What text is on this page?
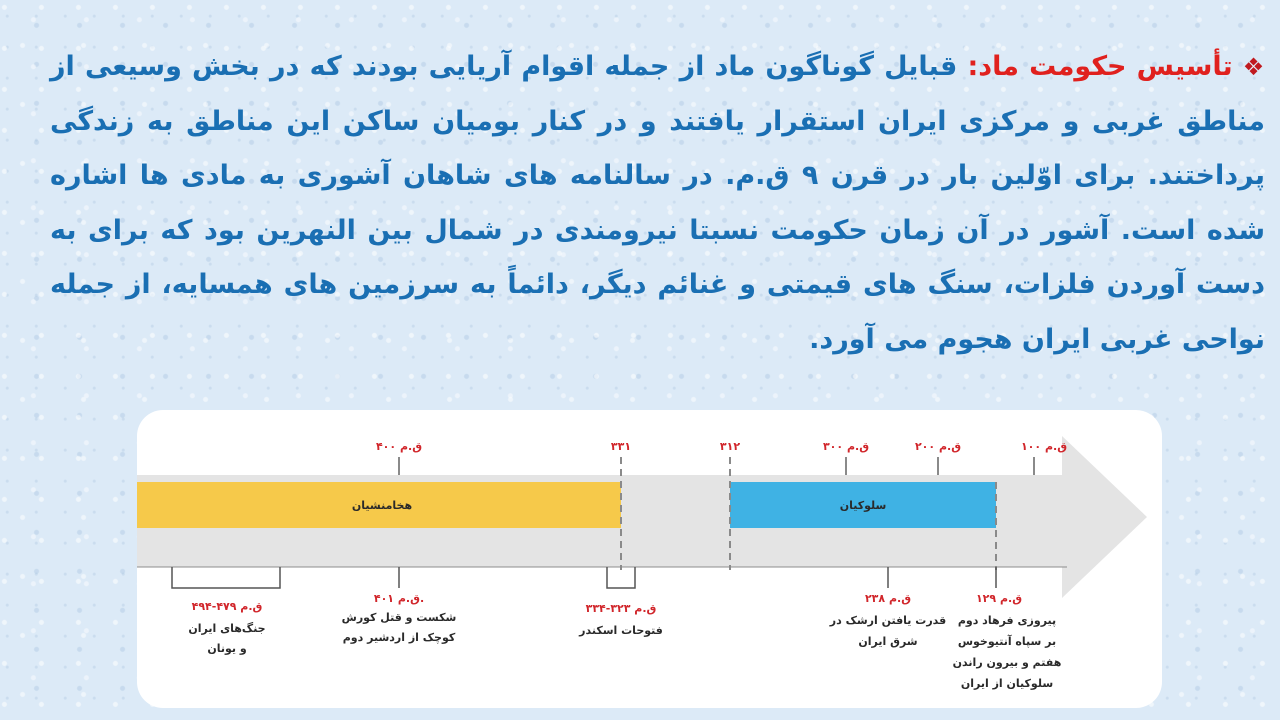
❖تأسیس حکومت ماد: قبایل گوناگون ماد از جمله اقوام آریایی بودند که در بخش وسیعی از مناطق غربی و مرکزی ایران استقرار یافتند و در کنار بومیان ساکن این مناطق به زندگی پرداختند. برای اوّلین بار در قرن ۹ ق.م. در سالنامه های شاهان آشوری به مادی ها اشاره شده است. آشور در آن زمان حکومت نسبتا نیرومندی در شمال بین النهرین بود که برای به دست آوردن فلزات، سنگ های قیمتی و غنائم دیگر، دائماً به سرزمین های همسایه، از جمله نواحی غربی ایران هجوم می آورد.
۴۰۰ ق.م	۳۳۱	۳۱۲	۳۰۰ ق.م	۲۰۰ ق.م	۱۰۰ ق.م
هخامنشیان	سلوکیان
۴۹۴-۴۷۹ ق.م
جنگ‌های ایران
و یونان
۴۰۱ ق.م.
شکست و قتل کورش
کوچک از اردشیر دوم
۳۳۴-۳۲۳ ق.م
فتوحات اسکندر
۲۳۸ ق.م
قدرت یافتن ارشک در
شرق ایران
۱۲۹ ق.م
پیروزی فرهاد دوم
بر سپاه آنتیوخوس
هفتم و بیرون راندن
سلوکیان از ایران
